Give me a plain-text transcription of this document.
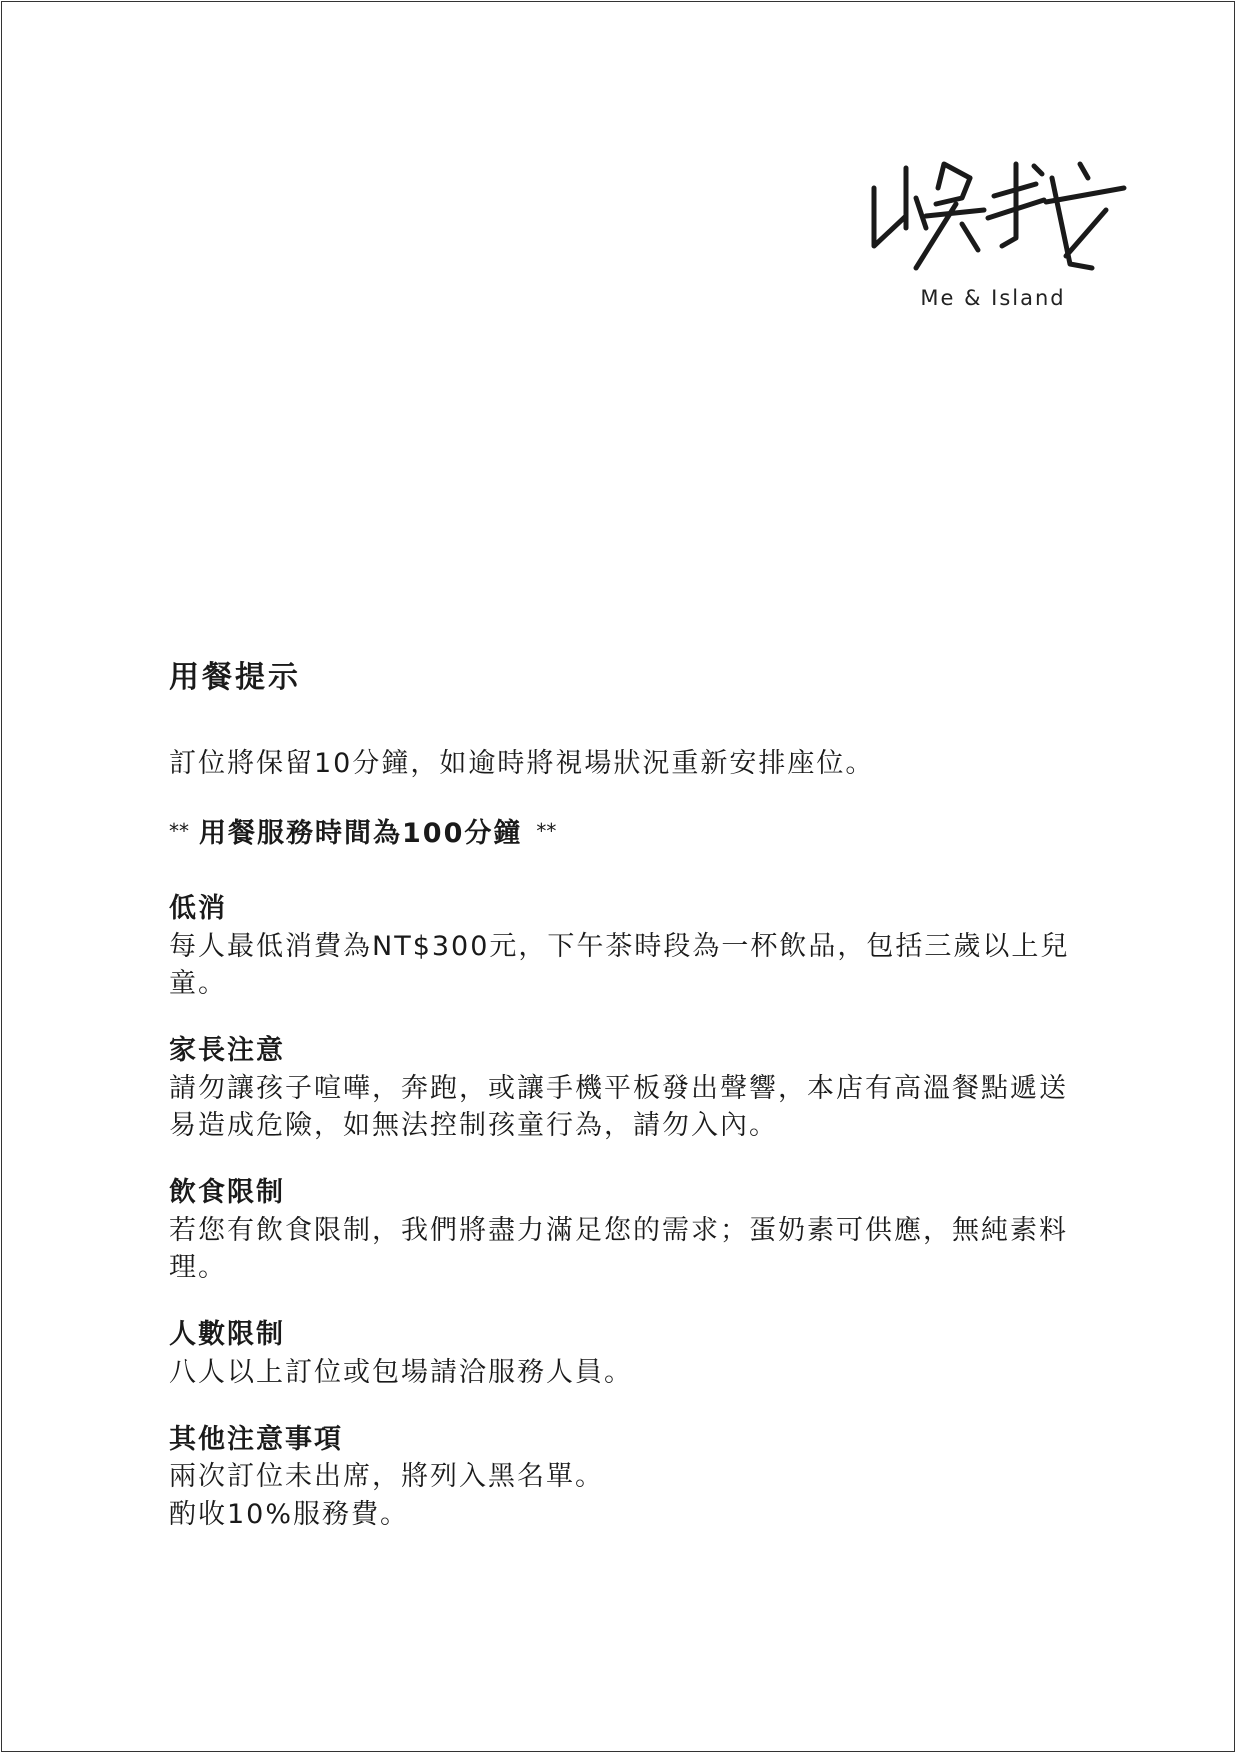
Me & Island
用餐提示
訂位將保留10分鐘，如逾時將視場狀況重新安排座位。
** 用餐服務時間為100分鐘 **
低消
每人最低消費為NT$300元，下午茶時段為一杯飲品，包括三歲以上兒
童。
家長注意
請勿讓孩子喧嘩，奔跑，或讓手機平板發出聲響，本店有高溫餐點遞送
易造成危險，如無法控制孩童行為，請勿入內。
飲食限制
若您有飲食限制，我們將盡力滿足您的需求；蛋奶素可供應，無純素料
理。
人數限制
八人以上訂位或包場請洽服務人員。
其他注意事項
兩次訂位未出席，將列入黑名單。
酌收10%服務費。
